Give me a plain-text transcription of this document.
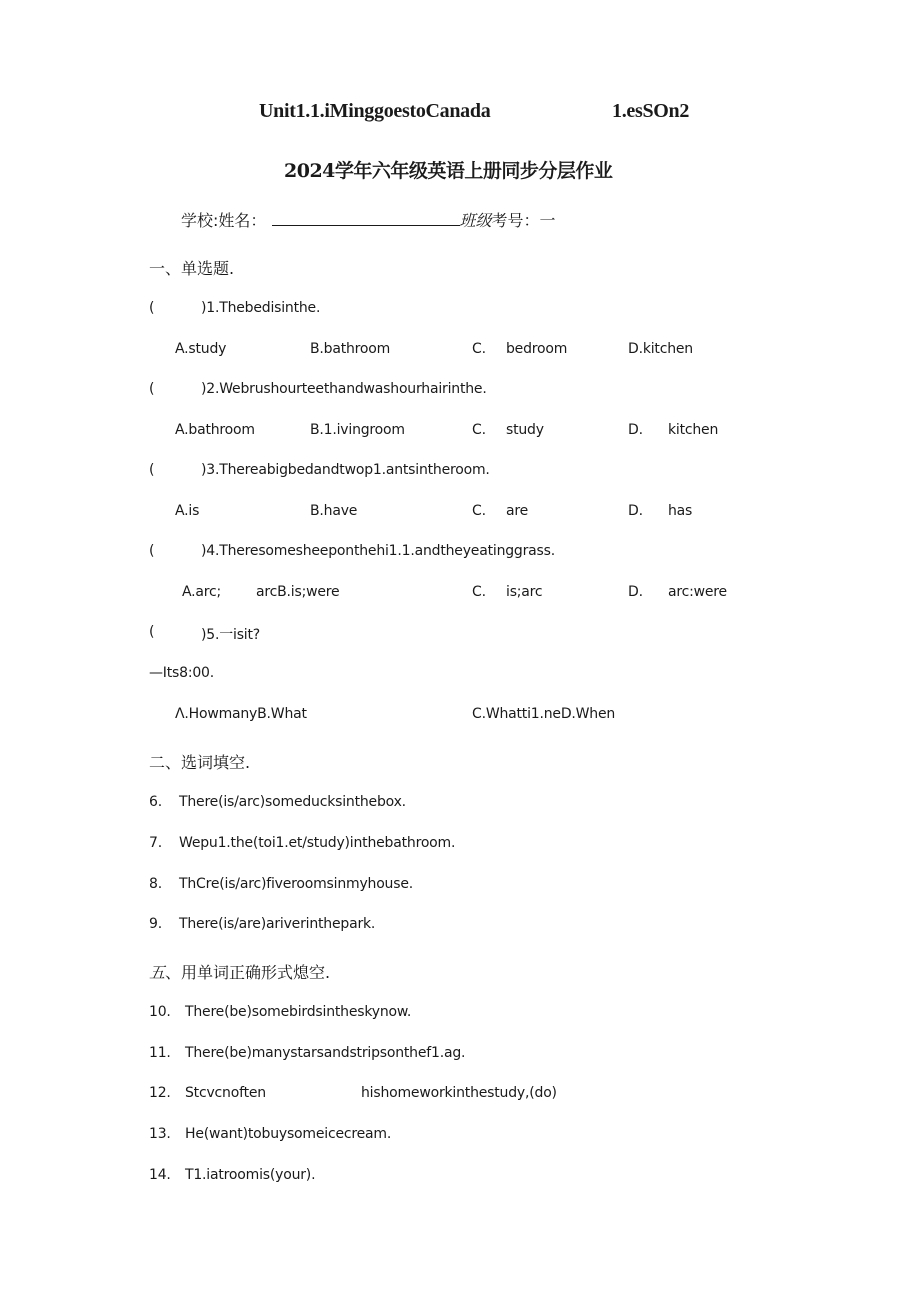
Unit1.1.iMinggoestoCanada	1.esSOn2
2024学年六年级英语上册同步分层作业
学校:姓名：	班级考号：一
一、单选题.
(	)1.Thebedisinthe.
A.study	B.bathroom	C. bedroom	D.kitchen
(	)2.Webrushourteethandwashourhairinthe.
A.bathroom	B.1.ivingroom	C. study	D. kitchen
(	)3.Thereabigbedandtwop1.antsintheroom.
A.is	B.have	C. are	D. has
(	)4.Theresomesheeponthehi1.1.andtheyeatinggrass.
A.arc; arcB.is;were	C. is;arc	D. arc:were
(	)5.一isit?
—Its8:00.
Λ.HowmanyB.What	C.Whatti1.neD.When
二、选词填空.
6. There(is/arc)someducksinthebox.
7. Wepu1.the(toi1.et/study)inthebathroom.
8. ThCre(is/arc)fiveroomsinmyhouse.
9. There(is/are)ariverinthepark.
五、用单词正确形式熄空.
10. There(be)somebirdsintheskynow.
11. There(be)manystarsandstripsonthef1.ag.
12. Stcvcnoften	hishomeworkinthestudy,(do)
13. He(want)tobuysomeicecream.
14. T1.iatroomis(your).
